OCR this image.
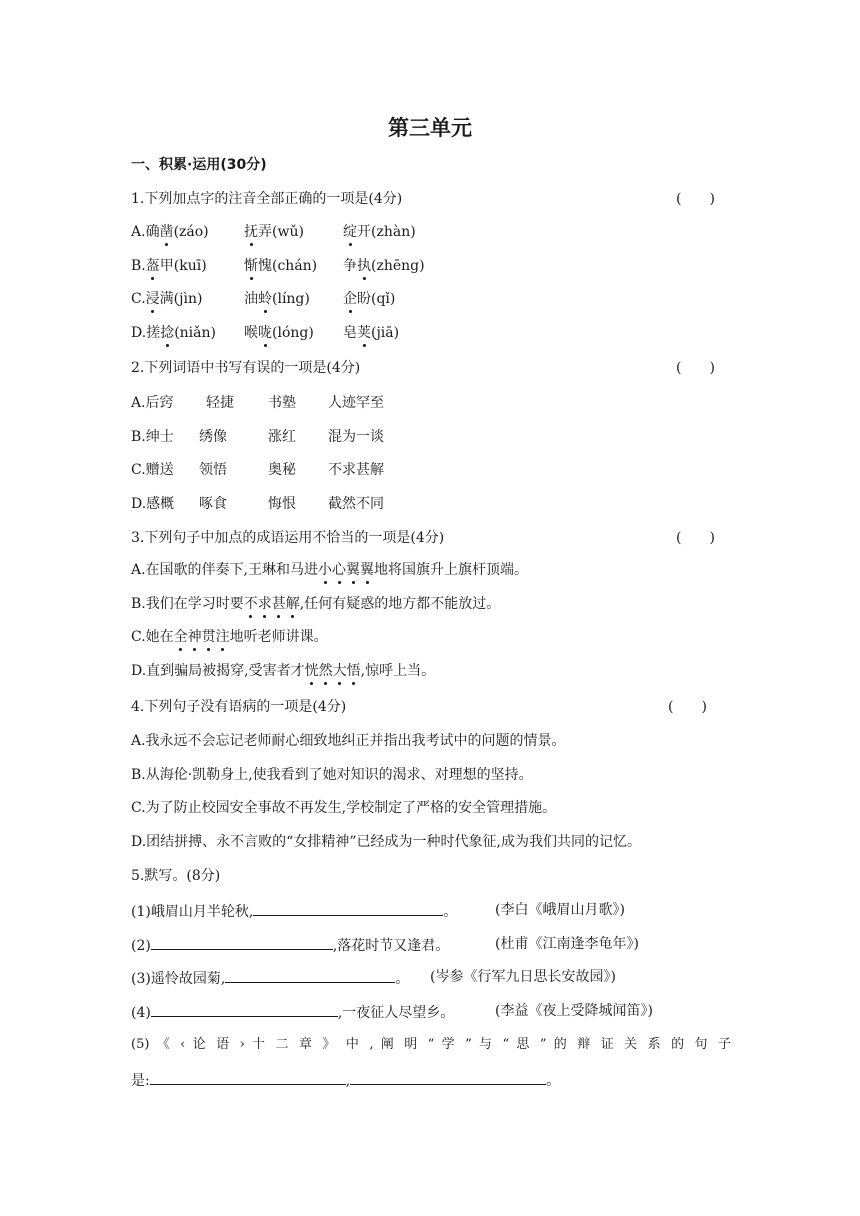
第三单元
一、积累·运用(30分)
1.下列加点字的注音全部正确的一项是(4分)	(　　)
A.确凿(záo)	抚弄(wǔ)	绽开(zhàn)
B.盔甲(kuī)	惭愧(chán) 争执(zhēng)
C.浸满(jìn)	油蛉(líng) 企盼(qǐ)
D.搓捻(niǎn) 喉咙(lóng) 皂荚(jiā)
2.下列词语中书写有误的一项是(4分)	(　　)
A.后窍 轻捷 书塾 人迹罕至
B.绅士 绣像	涨红 混为一谈
C.赠送 领悟	奥秘 不求甚解
D.感概 啄食	悔恨 截然不同
3.下列句子中加点的成语运用不恰当的一项是(4分)	(　　)
A.在国歌的伴奏下,王琳和马进小心翼翼地将国旗升上旗杆顶端。
B.我们在学习时要不求甚解,任何有疑惑的地方都不能放过。
C.她在全神贯注地听老师讲课。
D.直到骗局被揭穿,受害者才恍然大悟,惊呼上当。
4.下列句子没有语病的一项是(4分)	(　　)
A.我永远不会忘记老师耐心细致地纠正并指出我考试中的问题的情景。
B.从海伦·凯勒身上,使我看到了她对知识的渴求、对理想的坚持。
C.为了防止校园安全事故不再发生,学校制定了严格的安全管理措施。
D.团结拼搏、永不言败的“女排精神”已经成为一种时代象征,成为我们共同的记忆。
5.默写。(8分)
(1)峨眉山月半轮秋,	。	(李白《峨眉山月歌》)
(2)	,落花时节又逢君。	(杜甫《江南逢李龟年》)
(3)遥怜故园菊,	。 (岑参《行军九日思长安故园》)
(4)	,一夜征人尽望乡。	(李益《夜上受降城闻笛》)
(5) 《 ‹ 论 语 › 十 二 章 》 中 , 阐 明 “ 学 ” 与 “ 思 ” 的 辩 证 关 系 的 句 子
是:	,	。
